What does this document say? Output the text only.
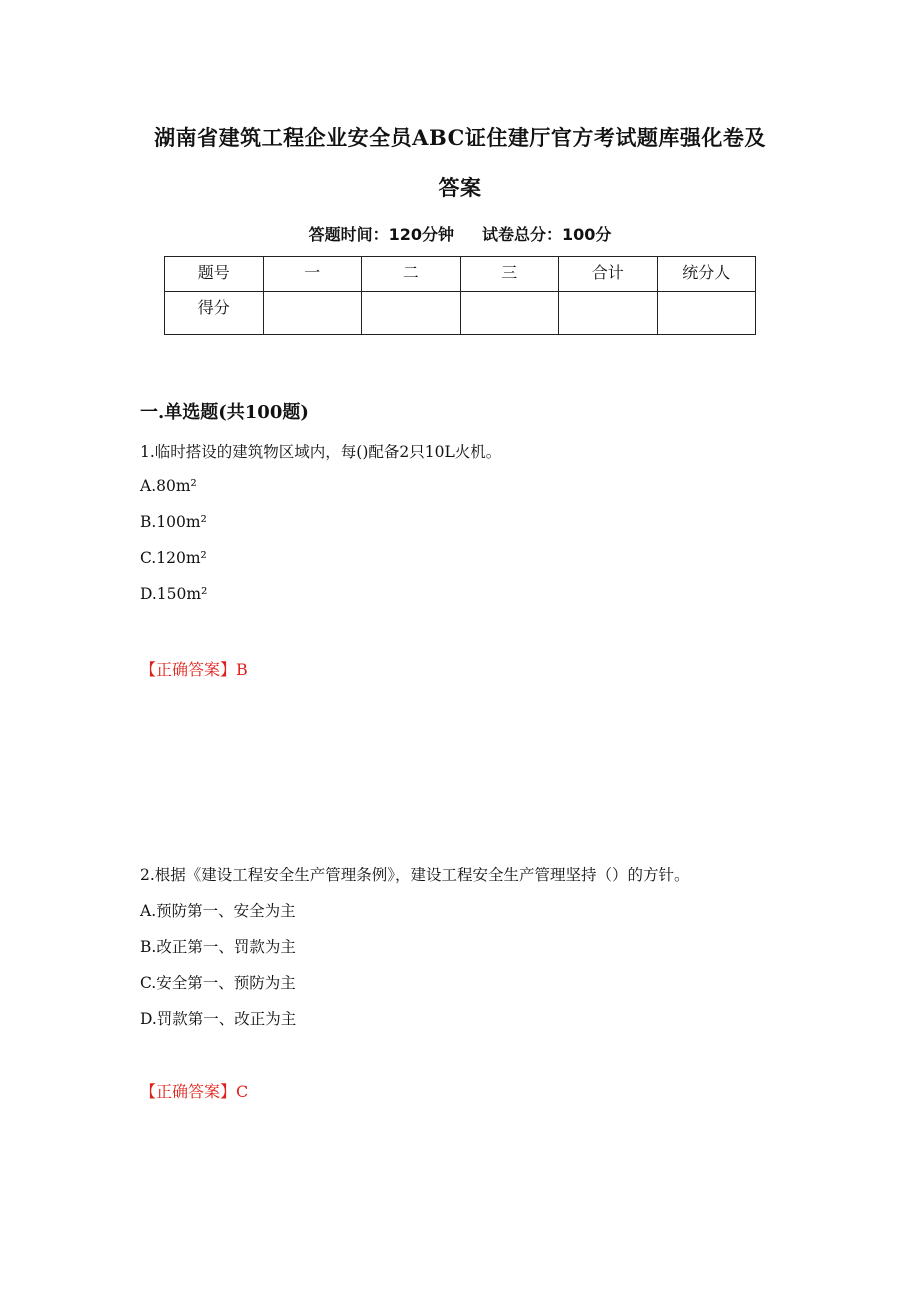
湖南省建筑工程企业安全员ABC证住建厅官方考试题库强化卷及
答案
答题时间：120分钟 试卷总分：100分
题号	一	二	三	合计	统分人
得分					
一.单选题(共100题)
1.临时搭设的建筑物区域内，每()配备2只10L火机。
A.80m²
B.100m²
C.120m²
D.150m²
【正确答案】B
2.根据《建设工程安全生产管理条例》，建设工程安全生产管理坚持（）的方针。
A.预防第一、安全为主
B.改正第一、罚款为主
C.安全第一、预防为主
D.罚款第一、改正为主
【正确答案】C
